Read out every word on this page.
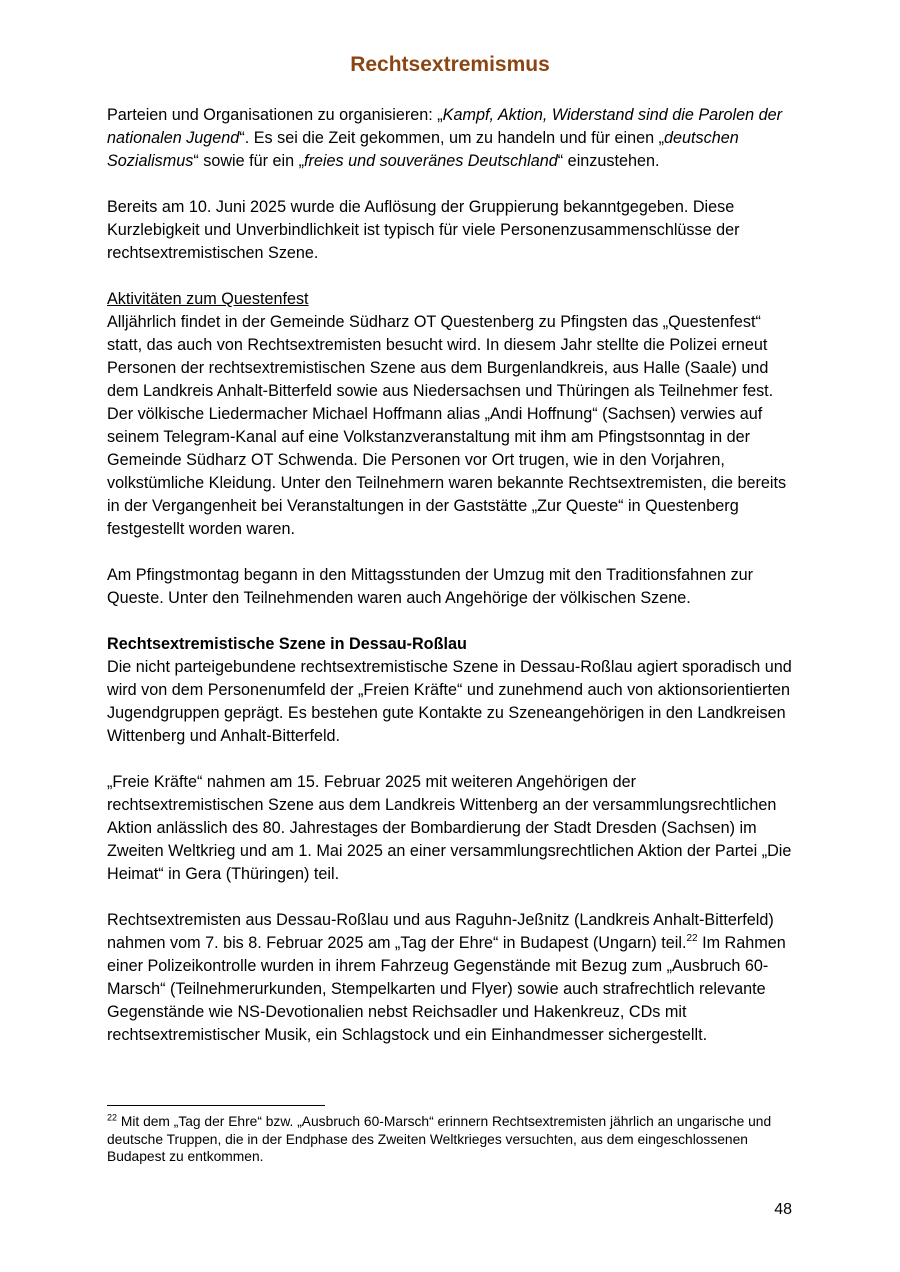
Rechtsextremismus

Parteien und Organisationen zu organisieren: „Kampf, Aktion, Widerstand sind die Parolen der nationalen Jugend“. Es sei die Zeit gekommen, um zu handeln und für einen „deutschen Sozialismus“ sowie für ein „freies und souveränes Deutschland“ einzustehen.

Bereits am 10. Juni 2025 wurde die Auflösung der Gruppierung bekanntgegeben. Diese Kurzlebigkeit und Unverbindlichkeit ist typisch für viele Personenzusammenschlüsse der rechtsextremistischen Szene.

Aktivitäten zum Questenfest

Alljährlich findet in der Gemeinde Südharz OT Questenberg zu Pfingsten das „Questenfest“ statt, das auch von Rechtsextremisten besucht wird. In diesem Jahr stellte die Polizei erneut Personen der rechtsextremistischen Szene aus dem Burgenlandkreis, aus Halle (Saale) und dem Landkreis Anhalt-Bitterfeld sowie aus Niedersachsen und Thüringen als Teilnehmer fest. Der völkische Liedermacher Michael Hoffmann alias „Andi Hoffnung“ (Sachsen) verwies auf seinem Telegram-Kanal auf eine Volkstanzveranstaltung mit ihm am Pfingstsonntag in der Gemeinde Südharz OT Schwenda. Die Personen vor Ort trugen, wie in den Vorjahren, volkstümliche Kleidung. Unter den Teilnehmern waren bekannte Rechtsextremisten, die bereits in der Vergangenheit bei Veranstaltungen in der Gaststätte „Zur Queste“ in Questenberg festgestellt worden waren.

Am Pfingstmontag begann in den Mittagsstunden der Umzug mit den Traditionsfahnen zur Queste. Unter den Teilnehmenden waren auch Angehörige der völkischen Szene.

Rechtsextremistische Szene in Dessau-Roßlau

Die nicht parteigebundene rechtsextremistische Szene in Dessau-Roßlau agiert sporadisch und wird von dem Personenumfeld der „Freien Kräfte“ und zunehmend auch von aktionsorientierten Jugendgruppen geprägt. Es bestehen gute Kontakte zu Szeneangehörigen in den Landkreisen Wittenberg und Anhalt-Bitterfeld.

„Freie Kräfte“ nahmen am 15. Februar 2025 mit weiteren Angehörigen der rechtsextremistischen Szene aus dem Landkreis Wittenberg an der versammlungsrechtlichen Aktion anlässlich des 80. Jahrestages der Bombardierung der Stadt Dresden (Sachsen) im Zweiten Weltkrieg und am 1. Mai 2025 an einer versammlungsrechtlichen Aktion der Partei „Die Heimat“ in Gera (Thüringen) teil.

Rechtsextremisten aus Dessau-Roßlau und aus Raguhn-Jeßnitz (Landkreis Anhalt-Bitterfeld) nahmen vom 7. bis 8. Februar 2025 am „Tag der Ehre“ in Budapest (Ungarn) teil.$^{22}$ Im Rahmen einer Polizeikontrolle wurden in ihrem Fahrzeug Gegenstände mit Bezug zum „Ausbruch 60-Marsch“ (Teilnehmerurkunden, Stempelkarten und Flyer) sowie auch strafrechtlich relevante Gegenstände wie NS-Devotionalien nebst Reichsadler und Hakenkreuz, CDs mit rechtsextremistischer Musik, ein Schlagstock und ein Einhandmesser sichergestellt.

$^{22}$ Mit dem „Tag der Ehre“ bzw. „Ausbruch 60-Marsch“ erinnern Rechtsextremisten jährlich an ungarische und deutsche Truppen, die in der Endphase des Zweiten Weltkrieges versuchten, aus dem eingeschlossenen Budapest zu entkommen.
48
